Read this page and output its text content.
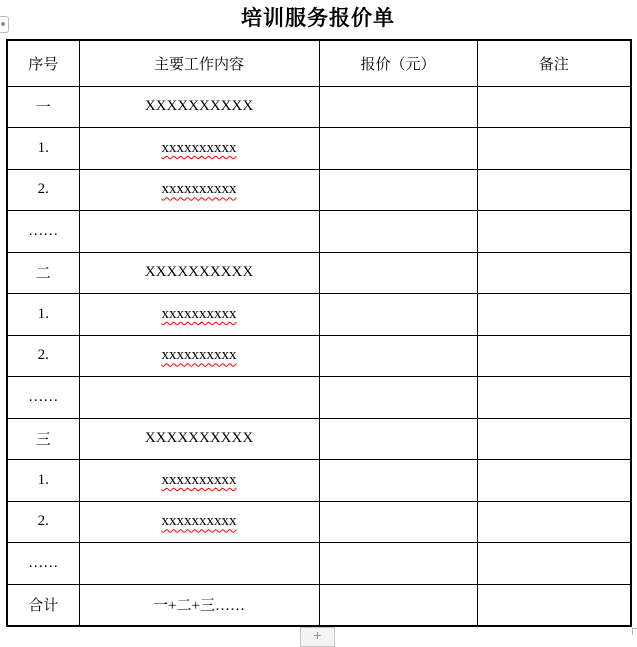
培训服务报价单
序号	主要工作内容	报价（元）	备注
一	XXXXXXXXXX		
1.	xxxxxxxxxx		
2.	xxxxxxxxxx		
……			
二	XXXXXXXXXX		
1.	xxxxxxxxxx		
2.	xxxxxxxxxx		
……			
三	XXXXXXXXXX		
1.	xxxxxxxxxx		
2.	xxxxxxxxxx		
……			
合计	一+二+三……		
+
